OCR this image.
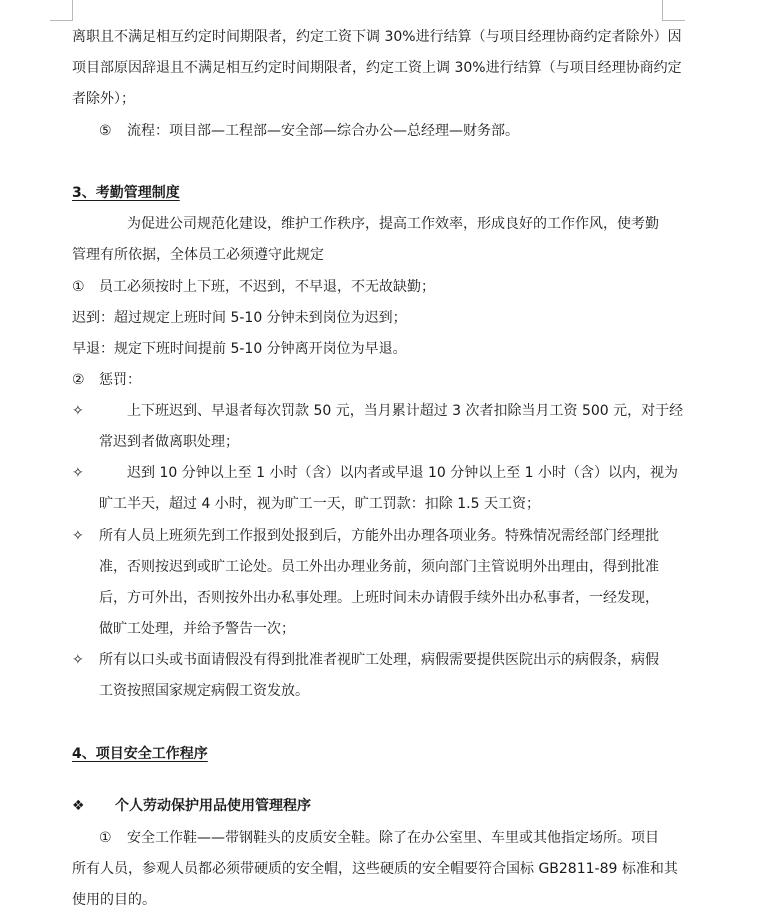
离职且不满足相互约定时间期限者，约定工资下调 30%进行结算（与项目经理协商约定者除外）因
项目部原因辞退且不满足相互约定时间期限者，约定工资上调 30%进行结算（与项目经理协商约定
者除外）；
⑤ 流程：项目部—工程部—安全部—综合办公—总经理—财务部。
3、考勤管理制度
为促进公司规范化建设，维护工作秩序，提高工作效率，形成良好的工作作风，使考勤
管理有所依据，全体员工必须遵守此规定
① 员工必须按时上下班，不迟到，不早退，不无故缺勤；
迟到：超过规定上班时间 5-10 分钟未到岗位为迟到；
早退：规定下班时间提前 5-10 分钟离开岗位为早退。
② 惩罚：
✧	上下班迟到、早退者每次罚款 50 元，当月累计超过 3 次者扣除当月工资 500 元，对于经
常迟到者做离职处理；
✧	迟到 10 分钟以上至 1 小时（含）以内者或早退 10 分钟以上至 1 小时（含）以内，视为
旷工半天，超过 4 小时，视为旷工一天，旷工罚款：扣除 1.5 天工资；
✧ 所有人员上班须先到工作报到处报到后，方能外出办理各项业务。特殊情况需经部门经理批
准，否则按迟到或旷工论处。员工外出办理业务前，须向部门主管说明外出理由，得到批准
后，方可外出，否则按外出办私事处理。上班时间未办请假手续外出办私事者，一经发现，
做旷工处理，并给予警告一次；
✧ 所有以口头或书面请假没有得到批准者视旷工处理，病假需要提供医院出示的病假条，病假
工资按照国家规定病假工资发放。
4、项目安全工作程序
❖ 个人劳动保护用品使用管理程序
① 安全工作鞋——带钢鞋头的皮质安全鞋。除了在办公室里、车里或其他指定场所。项目
所有人员，参观人员都必须带硬质的安全帽，这些硬质的安全帽要符合国标 GB2811-89 标准和其
使用的目的。
